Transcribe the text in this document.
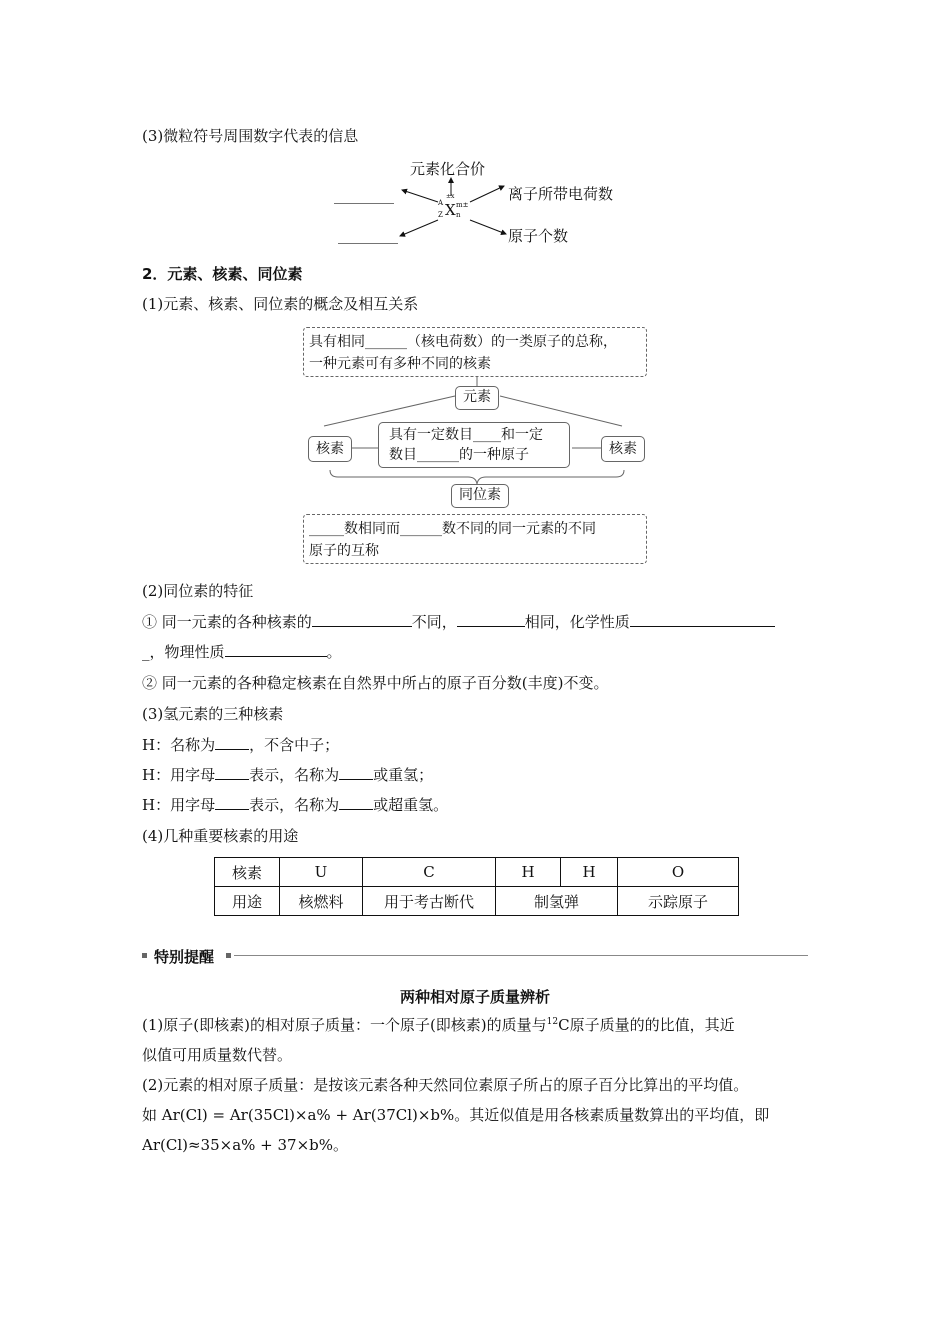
(3)微粒符号周围数字代表的信息
元素化合价
离子所带电荷数
原子个数
________
________
A
Z X
±x
m±
n
2．元素、核素、同位素
(1)元素、核素、同位素的概念及相互关系
具有相同______（核电荷数）的一类原子的总称，
一种元素可有多种不同的核素
元素
核素	核素
具有一定数目____和一定
数目______的一种原子
同位素
_____数相同而______数不同的同一元素的不同
原子的互称
(2)同位素的特征
① 同一元素的各种核素的	不同，	相同，化学性质
_，物理性质	。
② 同一元素的各种稳定核素在自然界中所占的原子百分数(丰度)不变。
(3)氢元素的三种核素
H：名称为 ，不含中子；
H：用字母 表示，名称为 或重氢；
H：用字母 表示，名称为 或超重氢。
(4)几种重要核素的用途
核素	U	C	H	H	O
用途	核燃料	用于考古断代	制氢弹		示踪原子
特别提醒
两种相对原子质量辨析
(1)原子(即核素)的相对原子质量：一个原子(即核素)的质量与$^{12}$C原子质量的的比值，其近
似值可用质量数代替。
(2)元素的相对原子质量：是按该元素各种天然同位素原子所占的原子百分比算出的平均值。
如 Ar(Cl) = Ar(35Cl)×a% + Ar(37Cl)×b%。其近似值是用各核素质量数算出的平均值，即
Ar(Cl)≈35×a% + 37×b%。
